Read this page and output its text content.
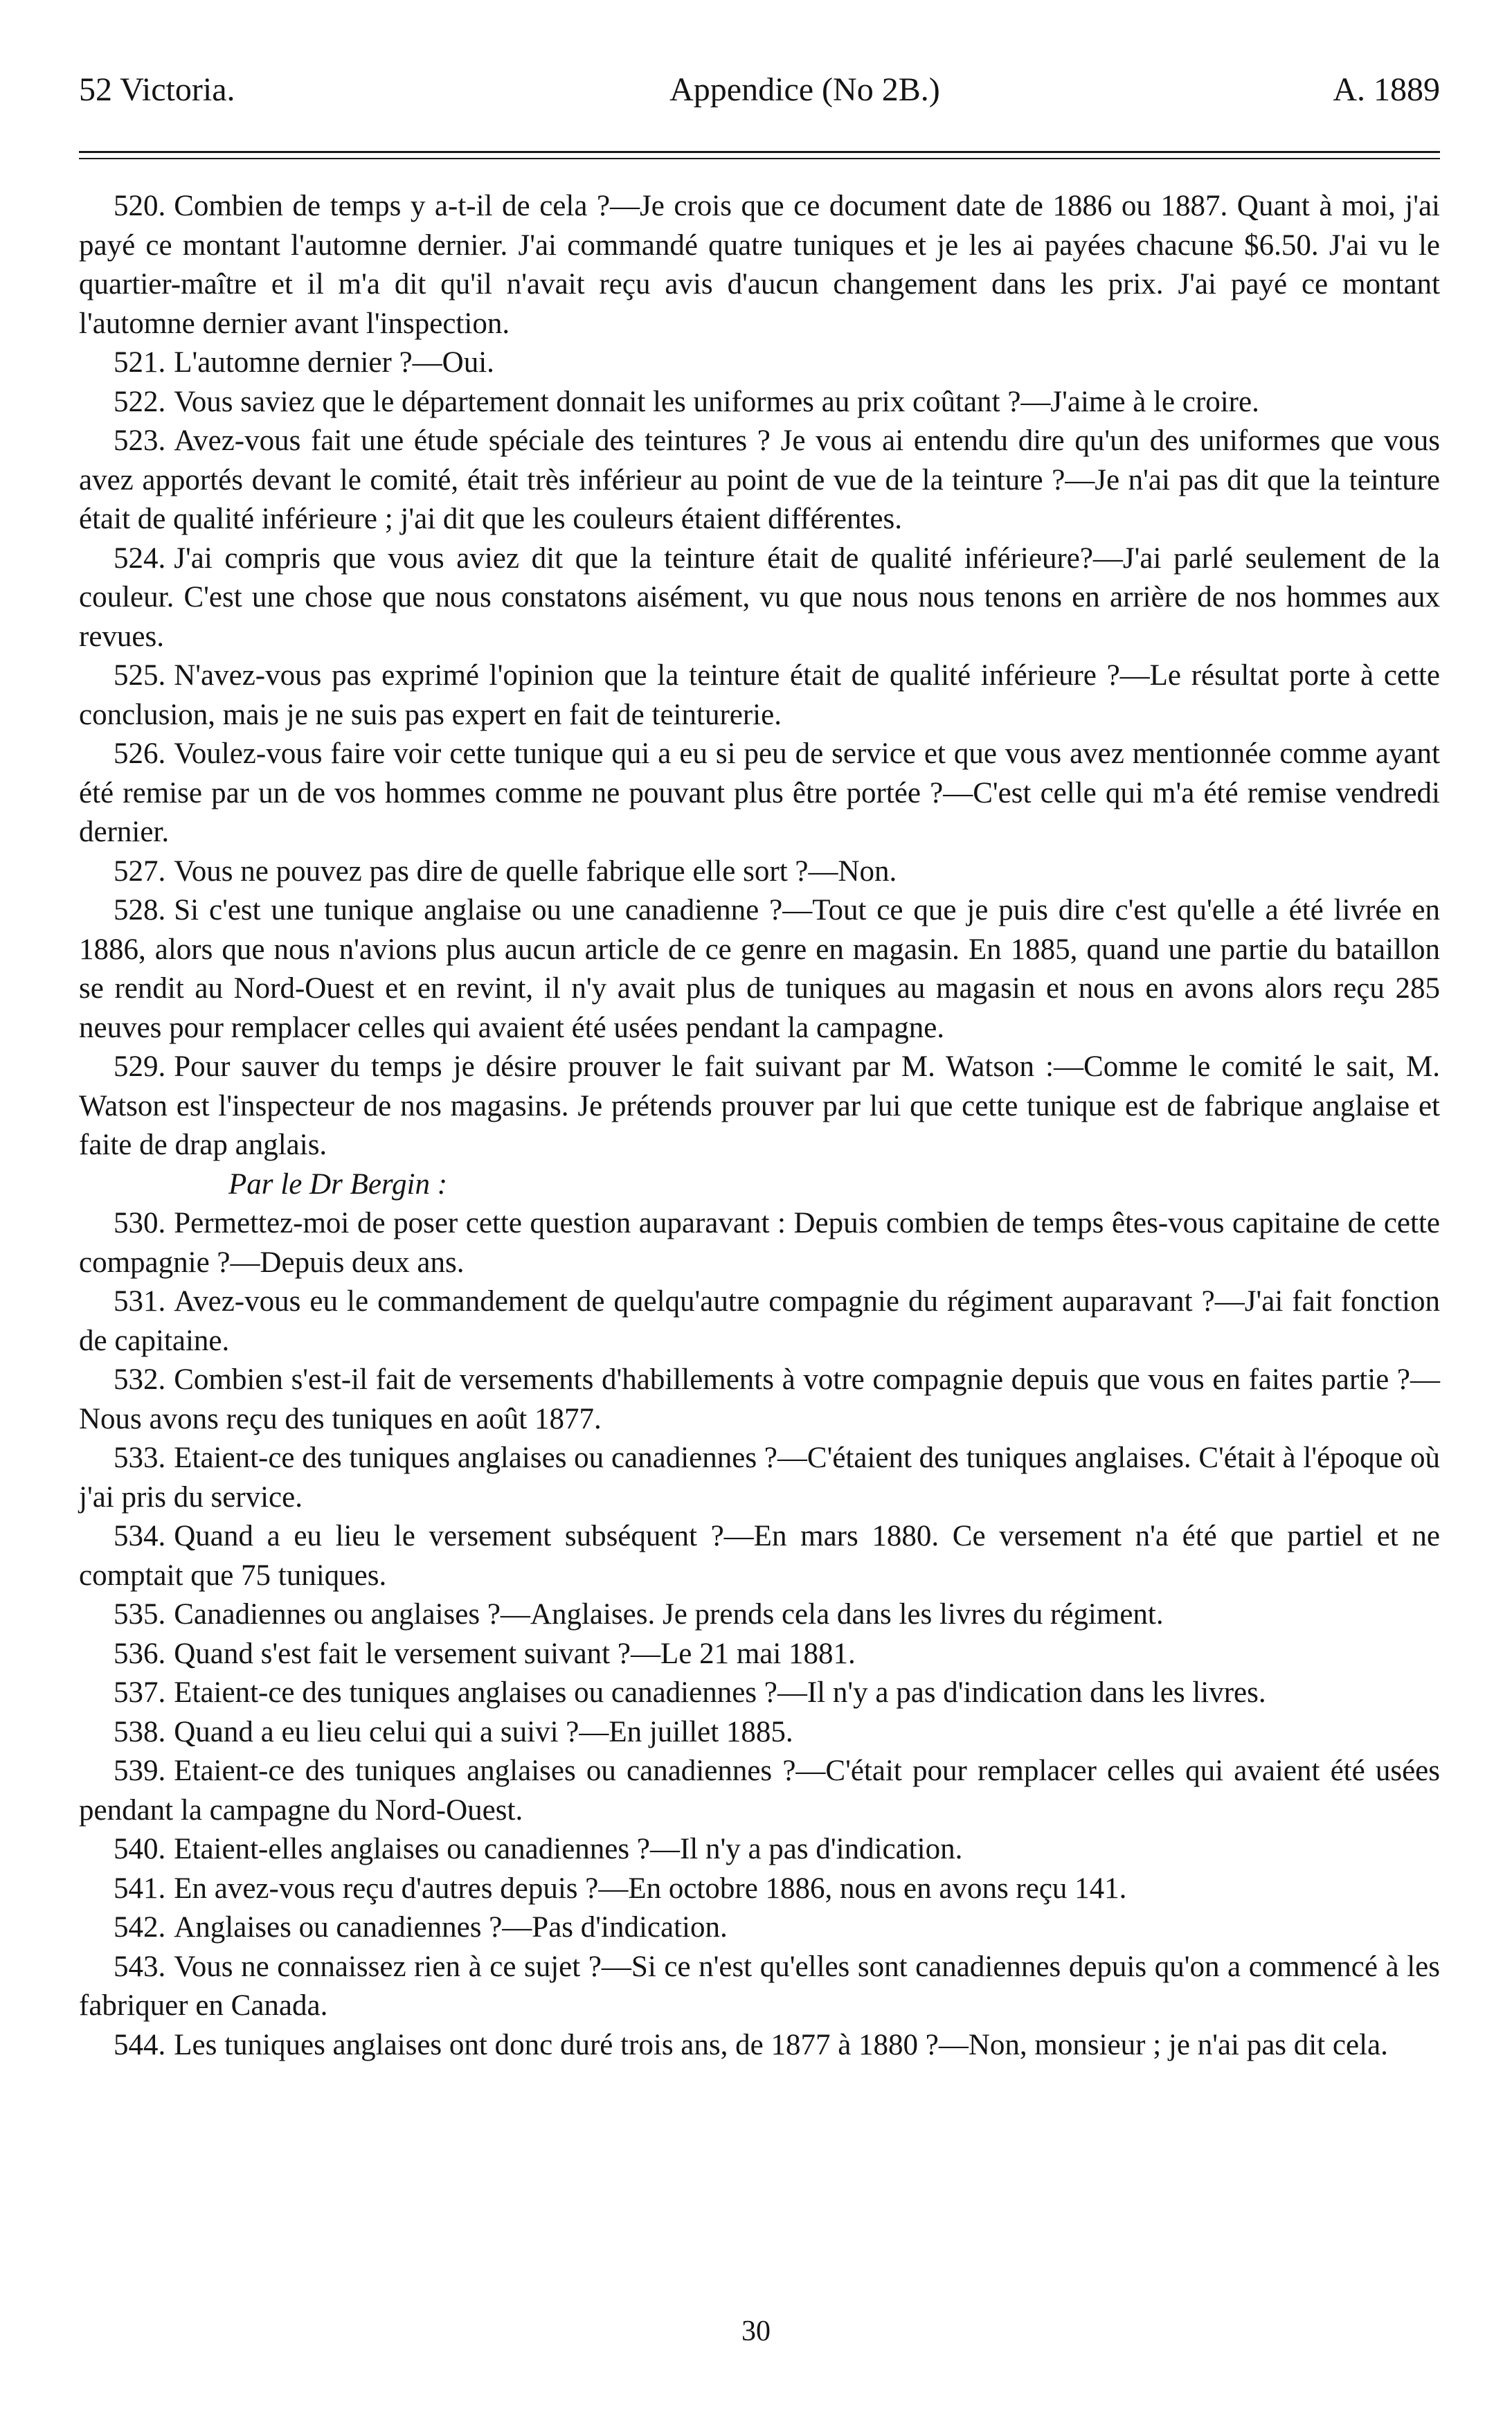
52 Victoria.	Appendice (No 2B.)	A. 1889

520. Combien de temps y a-t-il de cela ?—Je crois que ce document date de 1886 ou 1887. Quant à moi, j'ai payé ce montant l'automne dernier. J'ai commandé quatre tuniques et je les ai payées chacune $6.50. J'ai vu le quartier-maître et il m'a dit qu'il n'avait reçu avis d'aucun changement dans les prix. J'ai payé ce montant l'automne dernier avant l'inspection.

521. L'automne dernier ?—Oui.

522. Vous saviez que le département donnait les uniformes au prix coûtant ?—J'aime à le croire.

523. Avez-vous fait une étude spéciale des teintures ? Je vous ai entendu dire qu'un des uniformes que vous avez apportés devant le comité, était très inférieur au point de vue de la teinture ?—Je n'ai pas dit que la teinture était de qualité inférieure ; j'ai dit que les couleurs étaient différentes.

524. J'ai compris que vous aviez dit que la teinture était de qualité inférieure?—J'ai parlé seulement de la couleur. C'est une chose que nous constatons aisément, vu que nous nous tenons en arrière de nos hommes aux revues.

525. N'avez-vous pas exprimé l'opinion que la teinture était de qualité inférieure ?—Le résultat porte à cette conclusion, mais je ne suis pas expert en fait de teinturerie.

526. Voulez-vous faire voir cette tunique qui a eu si peu de service et que vous avez mentionnée comme ayant été remise par un de vos hommes comme ne pouvant plus être portée ?—C'est celle qui m'a été remise vendredi dernier.

527. Vous ne pouvez pas dire de quelle fabrique elle sort ?—Non.

528. Si c'est une tunique anglaise ou une canadienne ?—Tout ce que je puis dire c'est qu'elle a été livrée en 1886, alors que nous n'avions plus aucun article de ce genre en magasin. En 1885, quand une partie du bataillon se rendit au Nord-Ouest et en revint, il n'y avait plus de tuniques au magasin et nous en avons alors reçu 285 neuves pour remplacer celles qui avaient été usées pendant la campagne.

529. Pour sauver du temps je désire prouver le fait suivant par M. Watson :—Comme le comité le sait, M. Watson est l'inspecteur de nos magasins. Je prétends prouver par lui que cette tunique est de fabrique anglaise et faite de drap anglais.

Par le Dr Bergin :

530. Permettez-moi de poser cette question auparavant : Depuis combien de temps êtes-vous capitaine de cette compagnie ?—Depuis deux ans.

531. Avez-vous eu le commandement de quelqu'autre compagnie du régiment auparavant ?—J'ai fait fonction de capitaine.

532. Combien s'est-il fait de versements d'habillements à votre compagnie depuis que vous en faites partie ?—Nous avons reçu des tuniques en août 1877.

533. Etaient-ce des tuniques anglaises ou canadiennes ?—C'étaient des tuniques anglaises. C'était à l'époque où j'ai pris du service.

534. Quand a eu lieu le versement subséquent ?—En mars 1880. Ce versement n'a été que partiel et ne comptait que 75 tuniques.

535. Canadiennes ou anglaises ?—Anglaises. Je prends cela dans les livres du régiment.

536. Quand s'est fait le versement suivant ?—Le 21 mai 1881.

537. Etaient-ce des tuniques anglaises ou canadiennes ?—Il n'y a pas d'indication dans les livres.

538. Quand a eu lieu celui qui a suivi ?—En juillet 1885.

539. Etaient-ce des tuniques anglaises ou canadiennes ?—C'était pour remplacer celles qui avaient été usées pendant la campagne du Nord-Ouest.

540. Etaient-elles anglaises ou canadiennes ?—Il n'y a pas d'indication.

541. En avez-vous reçu d'autres depuis ?—En octobre 1886, nous en avons reçu 141.

542. Anglaises ou canadiennes ?—Pas d'indication.

543. Vous ne connaissez rien à ce sujet ?—Si ce n'est qu'elles sont canadiennes depuis qu'on a commencé à les fabriquer en Canada.

544. Les tuniques anglaises ont donc duré trois ans, de 1877 à 1880 ?—Non, monsieur ; je n'ai pas dit cela.

30
